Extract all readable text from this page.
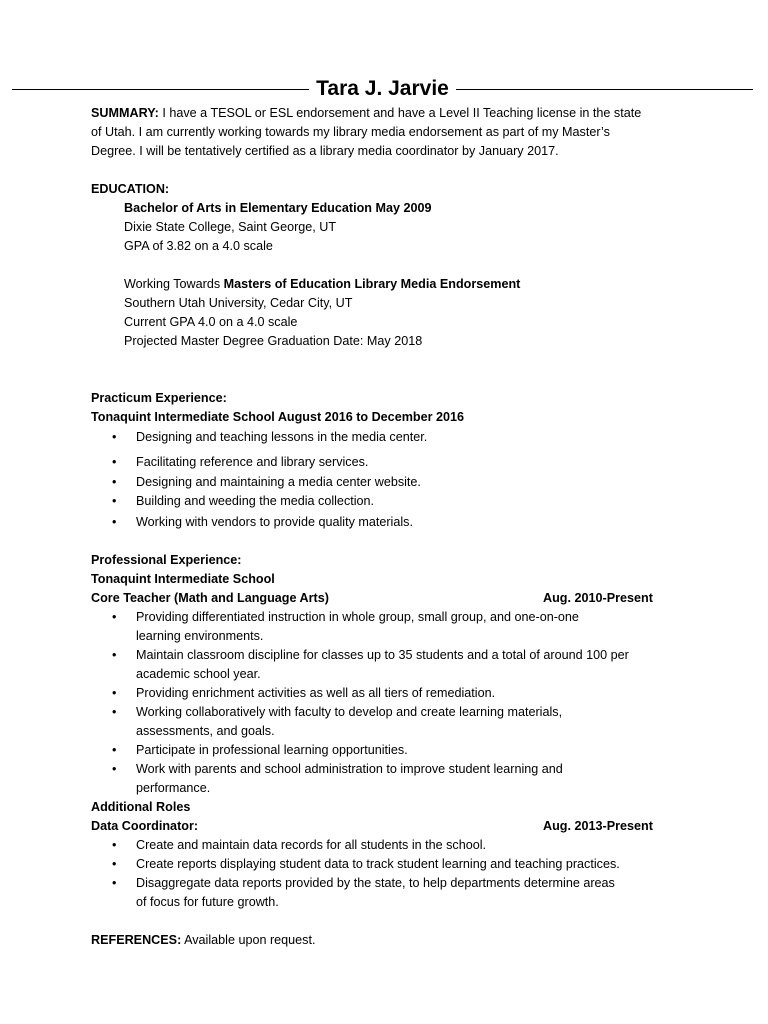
Tara J. Jarvie
SUMMARY: I have a TESOL or ESL endorsement and have a Level II Teaching license in the state
of Utah. I am currently working towards my library media endorsement as part of my Master’s
Degree. I will be tentatively certified as a library media coordinator by January 2017.
EDUCATION:
Bachelor of Arts in Elementary Education May 2009
Dixie State College, Saint George, UT
GPA of 3.82 on a 4.0 scale
Working Towards Masters of Education Library Media Endorsement
Southern Utah University, Cedar City, UT
Current GPA 4.0 on a 4.0 scale
Projected Master Degree Graduation Date: May 2018
Practicum Experience:
Tonaquint Intermediate School August 2016 to December 2016
• Designing and teaching lessons in the media center.
• Facilitating reference and library services.
• Designing and maintaining a media center website.
• Building and weeding the media collection.
• Working with vendors to provide quality materials.
Professional Experience:
Tonaquint Intermediate School
Core Teacher (Math and Language Arts)	Aug. 2010-Present
• Providing differentiated instruction in whole group, small group, and one-on-one
learning environments.
• Maintain classroom discipline for classes up to 35 students and a total of around 100 per
academic school year.
• Providing enrichment activities as well as all tiers of remediation.
• Working collaboratively with faculty to develop and create learning materials,
assessments, and goals.
• Participate in professional learning opportunities.
• Work with parents and school administration to improve student learning and
performance.
Additional Roles
Data Coordinator:	Aug. 2013-Present
• Create and maintain data records for all students in the school.
• Create reports displaying student data to track student learning and teaching practices.
• Disaggregate data reports provided by the state, to help departments determine areas
of focus for future growth.
REFERENCES: Available upon request.
